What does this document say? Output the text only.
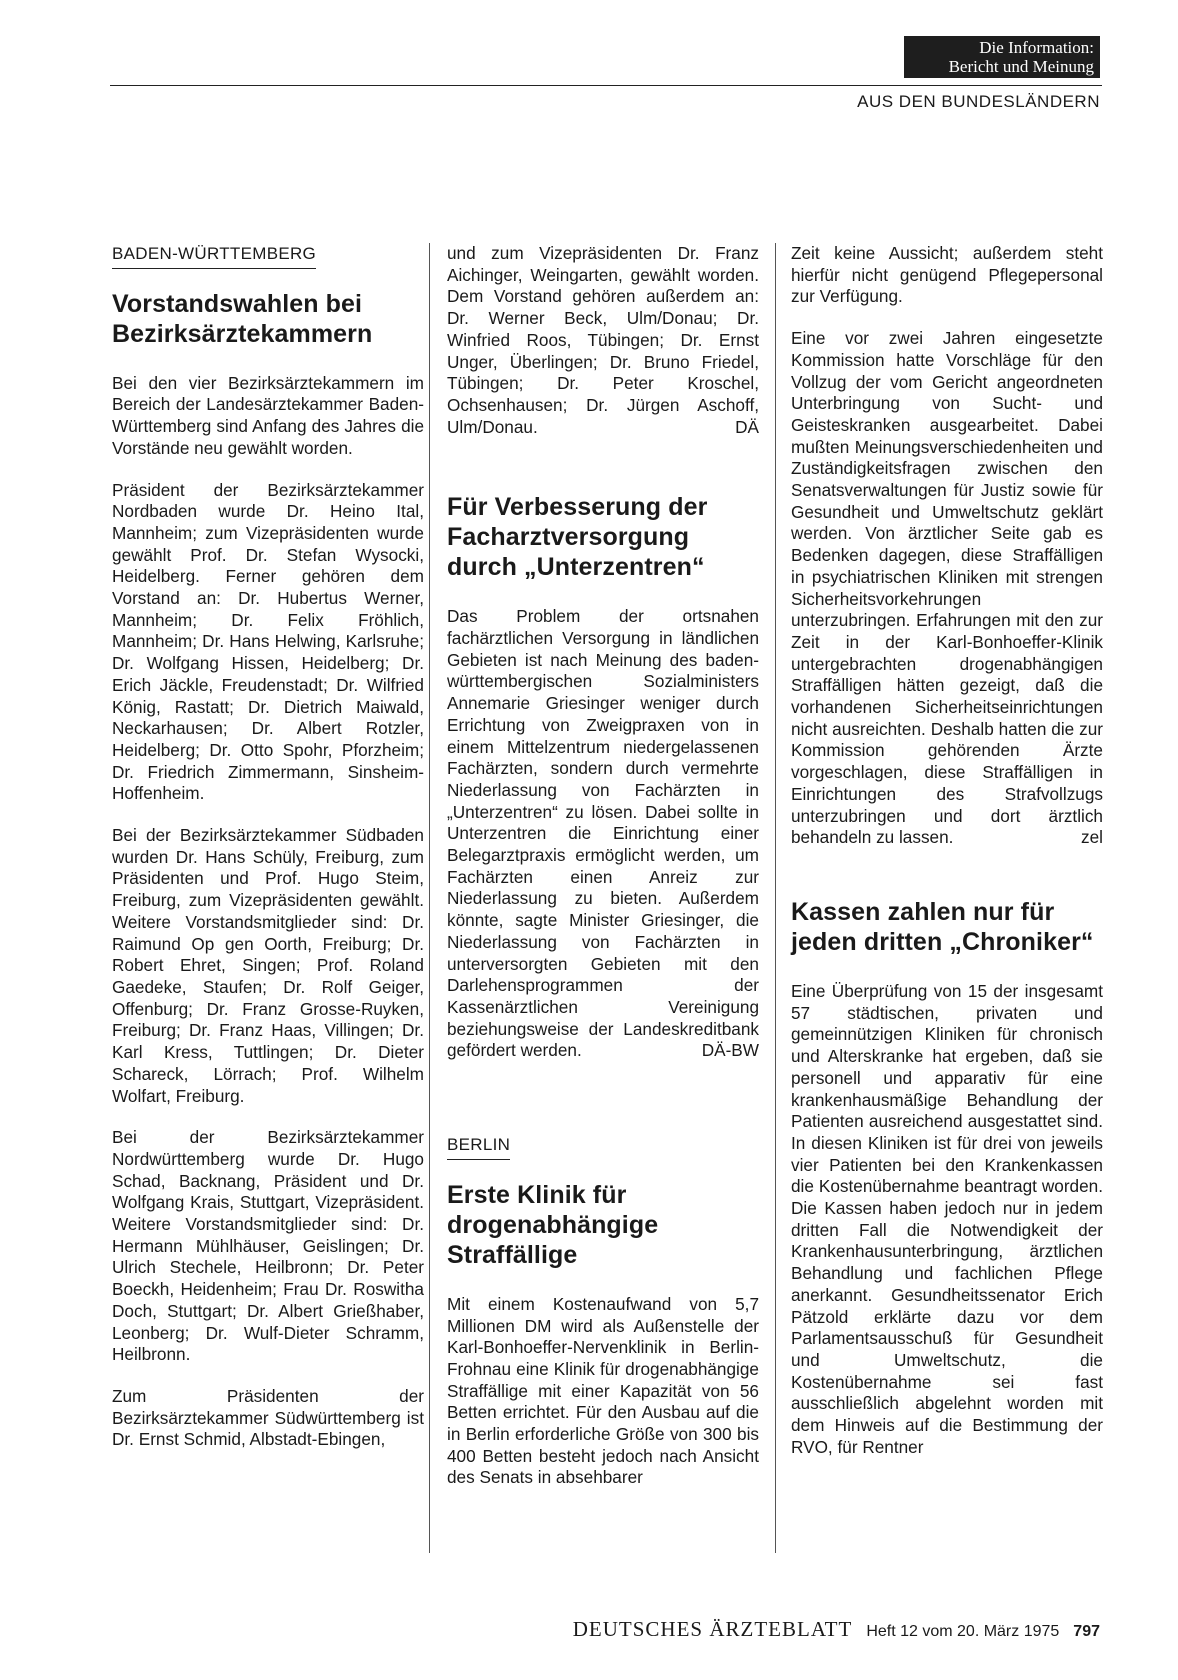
Die Information:
Bericht und Meinung
AUS DEN BUNDESLÄNDERN
BADEN-WÜRTTEMBERG
Vorstandswahlen bei Bezirksärztekammern

Bei den vier Bezirksärztekammern im Bereich der Landesärztekammer Baden-Württemberg sind Anfang des Jahres die Vorstände neu gewählt worden.

Präsident der Bezirksärztekammer Nordbaden wurde Dr. Heino Ital, Mannheim; zum Vizepräsidenten wurde gewählt Prof. Dr. Stefan Wysocki, Heidelberg. Ferner gehören dem Vorstand an: Dr. Hubertus Werner, Mannheim; Dr. Felix Fröhlich, Mannheim; Dr. Hans Helwing, Karlsruhe; Dr. Wolfgang Hissen, Heidelberg; Dr. Erich Jäckle, Freudenstadt; Dr. Wilfried König, Rastatt; Dr. Dietrich Maiwald, Neckarhausen; Dr. Albert Rotzler, Heidelberg; Dr. Otto Spohr, Pforzheim; Dr. Friedrich Zimmermann, Sinsheim-Hoffenheim.

Bei der Bezirksärztekammer Südbaden wurden Dr. Hans Schüly, Freiburg, zum Präsidenten und Prof. Hugo Steim, Freiburg, zum Vizepräsidenten gewählt. Weitere Vorstandsmitglieder sind: Dr. Raimund Op gen Oorth, Freiburg; Dr. Robert Ehret, Singen; Prof. Roland Gaedeke, Staufen; Dr. Rolf Geiger, Offenburg; Dr. Franz Grosse-Ruyken, Freiburg; Dr. Franz Haas, Villingen; Dr. Karl Kress, Tuttlingen; Dr. Dieter Schareck, Lörrach; Prof. Wilhelm Wolfart, Freiburg.

Bei der Bezirksärztekammer Nordwürttemberg wurde Dr. Hugo Schad, Backnang, Präsident und Dr. Wolfgang Krais, Stuttgart, Vizepräsident. Weitere Vorstandsmitglieder sind: Dr. Hermann Mühlhäuser, Geislingen; Dr. Ulrich Stechele, Heilbronn; Dr. Peter Boeckh, Heidenheim; Frau Dr. Roswitha Doch, Stuttgart; Dr. Albert Grießhaber, Leonberg; Dr. Wulf-Dieter Schramm, Heilbronn.

Zum Präsidenten der Bezirksärztekammer Südwürttemberg ist Dr. Ernst Schmid, Albstadt-Ebingen,

und zum Vizepräsidenten Dr. Franz Aichinger, Weingarten, gewählt worden. Dem Vorstand gehören außerdem an: Dr. Werner Beck, Ulm/Donau; Dr. Winfried Roos, Tübingen; Dr. Ernst Unger, Überlingen; Dr. Bruno Friedel, Tübingen; Dr. Peter Kroschel, Ochsenhausen; Dr. Jürgen Aschoff, Ulm/Donau.	DÄ

Für Verbesserung der Facharztversorgung durch „Unterzentren“

Das Problem der ortsnahen fachärztlichen Versorgung in ländlichen Gebieten ist nach Meinung des baden-württembergischen Sozialministers Annemarie Griesinger weniger durch Errichtung von Zweigpraxen von in einem Mittelzentrum niedergelassenen Fachärzten, sondern durch vermehrte Niederlassung von Fachärzten in „Unterzentren“ zu lösen. Dabei sollte in Unterzentren die Einrichtung einer Belegarztpraxis ermöglicht werden, um Fachärzten einen Anreiz zur Niederlassung zu bieten. Außerdem könnte, sagte Minister Griesinger, die Niederlassung von Fachärzten in unterversorgten Gebieten mit den Darlehensprogrammen der Kassenärztlichen Vereinigung beziehungsweise der Landeskreditbank gefördert werden.	DÄ-BW

BERLIN
Erste Klinik für drogenabhängige Straffällige

Mit einem Kostenaufwand von 5,7 Millionen DM wird als Außenstelle der Karl-Bonhoeffer-Nervenklinik in Berlin-Frohnau eine Klinik für drogenabhängige Straffällige mit einer Kapazität von 56 Betten errichtet. Für den Ausbau auf die in Berlin erforderliche Größe von 300 bis 400 Betten besteht jedoch nach Ansicht des Senats in absehbarer

Zeit keine Aussicht; außerdem steht hierfür nicht genügend Pflegepersonal zur Verfügung.

Eine vor zwei Jahren eingesetzte Kommission hatte Vorschläge für den Vollzug der vom Gericht angeordneten Unterbringung von Sucht- und Geisteskranken ausgearbeitet. Dabei mußten Meinungsverschiedenheiten und Zuständigkeitsfragen zwischen den Senatsverwaltungen für Justiz sowie für Gesundheit und Umweltschutz geklärt werden. Von ärztlicher Seite gab es Bedenken dagegen, diese Straffälligen in psychiatrischen Kliniken mit strengen Sicherheitsvorkehrungen unterzubringen. Erfahrungen mit den zur Zeit in der Karl-Bonhoeffer-Klinik untergebrachten drogenabhängigen Straffälligen hätten gezeigt, daß die vorhandenen Sicherheitseinrichtungen nicht ausreichten. Deshalb hatten die zur Kommission gehörenden Ärzte vorgeschlagen, diese Straffälligen in Einrichtungen des Strafvollzugs unterzubringen und dort ärztlich behandeln zu lassen.	zel

Kassen zahlen nur für jeden dritten „Chroniker“

Eine Überprüfung von 15 der insgesamt 57 städtischen, privaten und gemeinnützigen Kliniken für chronisch und Alterskranke hat ergeben, daß sie personell und apparativ für eine krankenhausmäßige Behandlung der Patienten ausreichend ausgestattet sind. In diesen Kliniken ist für drei von jeweils vier Patienten bei den Krankenkassen die Kostenübernahme beantragt worden. Die Kassen haben jedoch nur in jedem dritten Fall die Notwendigkeit der Krankenhausunterbringung, ärztlichen Behandlung und fachlichen Pflege anerkannt. Gesundheitssenator Erich Pätzold erklärte dazu vor dem Parlamentsausschuß für Gesundheit und Umweltschutz, die Kostenübernahme sei fast ausschließlich abgelehnt worden mit dem Hinweis auf die Bestimmung der RVO, für Rentner

DEUTSCHES ÄRZTEBLATT Heft 12 vom 20. März 1975 797
